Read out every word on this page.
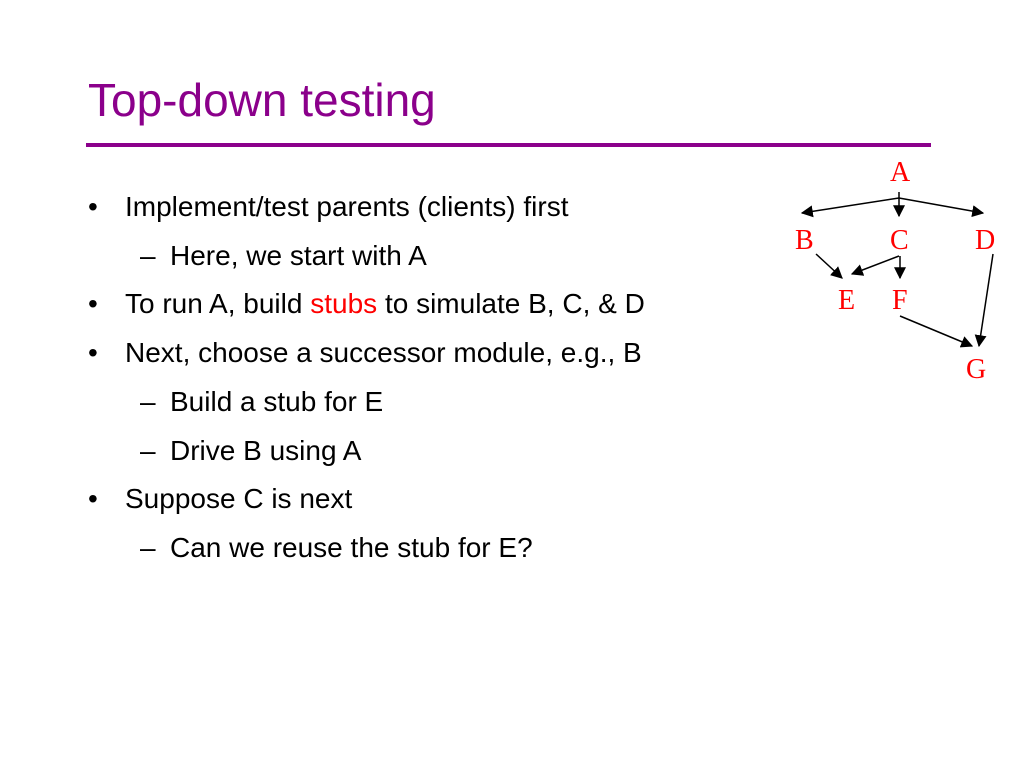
Top-down testing
• Implement/test parents (clients) first
– Here, we start with A
• To run A, build stubs to simulate B, C, & D
• Next, choose a successor module, e.g., B
– Build a stub for E
– Drive B using A
• Suppose C is next
– Can we reuse the stub for E?
A
B	C D
E F
G
